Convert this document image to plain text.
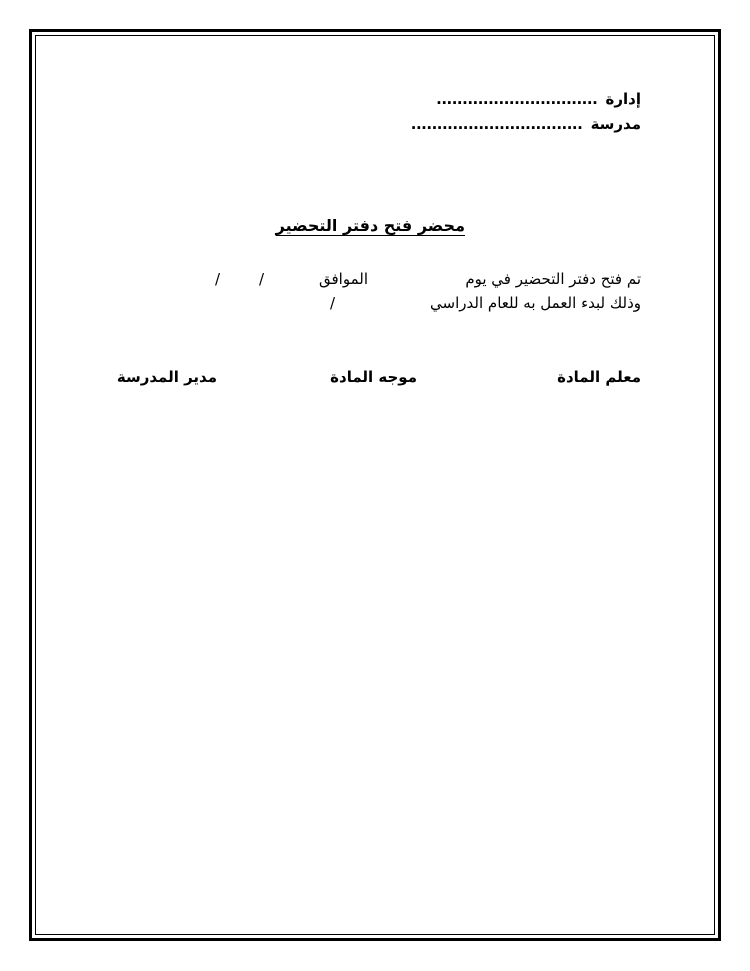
إدارة ...............................
مدرسة .................................
محضر فتح دفتر التحضير
تم فتح دفتر التحضير في يوم
الموافق
/
/
وذلك لبدء العمل به للعام الدراسي
/
معلم المادة
موجه المادة
مدير المدرسة
